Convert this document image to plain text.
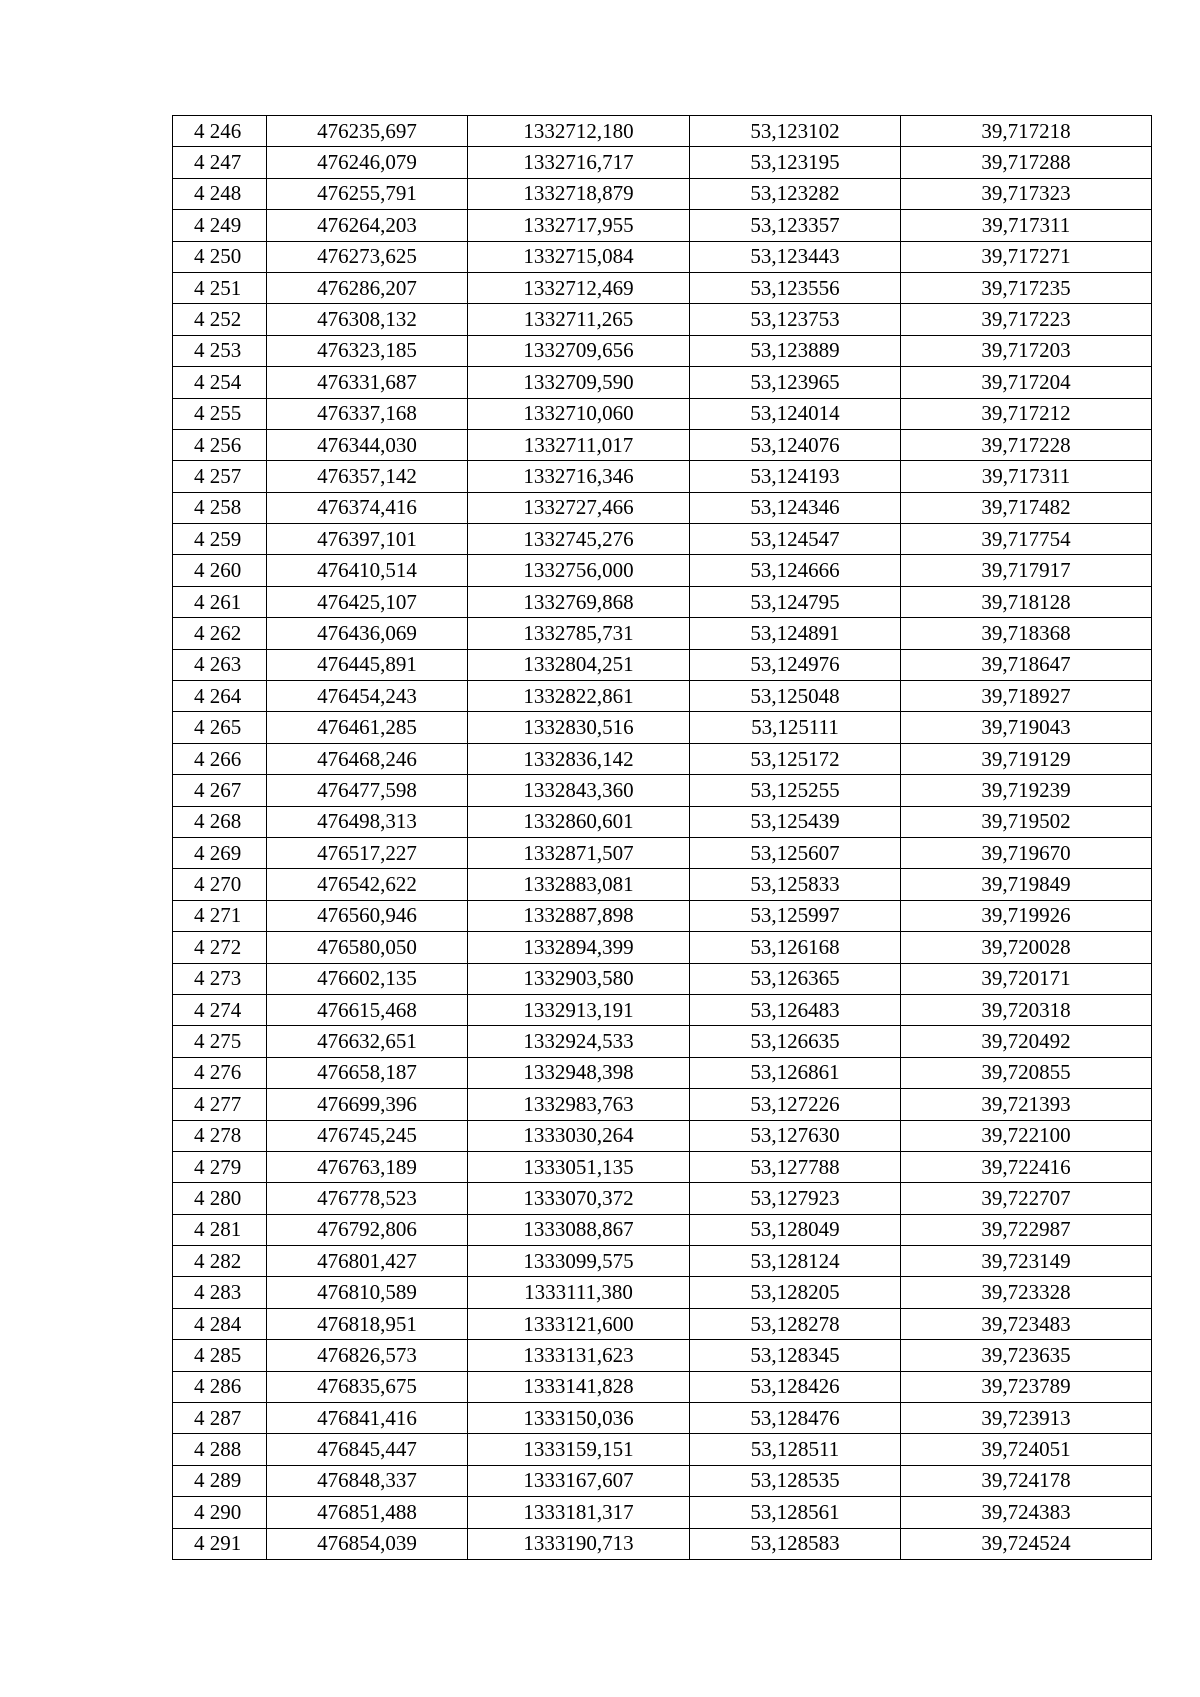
4 246	476235,697	1332712,180	53,123102	39,717218
4 247	476246,079	1332716,717	53,123195	39,717288
4 248	476255,791	1332718,879	53,123282	39,717323
4 249	476264,203	1332717,955	53,123357	39,717311
4 250	476273,625	1332715,084	53,123443	39,717271
4 251	476286,207	1332712,469	53,123556	39,717235
4 252	476308,132	1332711,265	53,123753	39,717223
4 253	476323,185	1332709,656	53,123889	39,717203
4 254	476331,687	1332709,590	53,123965	39,717204
4 255	476337,168	1332710,060	53,124014	39,717212
4 256	476344,030	1332711,017	53,124076	39,717228
4 257	476357,142	1332716,346	53,124193	39,717311
4 258	476374,416	1332727,466	53,124346	39,717482
4 259	476397,101	1332745,276	53,124547	39,717754
4 260	476410,514	1332756,000	53,124666	39,717917
4 261	476425,107	1332769,868	53,124795	39,718128
4 262	476436,069	1332785,731	53,124891	39,718368
4 263	476445,891	1332804,251	53,124976	39,718647
4 264	476454,243	1332822,861	53,125048	39,718927
4 265	476461,285	1332830,516	53,125111	39,719043
4 266	476468,246	1332836,142	53,125172	39,719129
4 267	476477,598	1332843,360	53,125255	39,719239
4 268	476498,313	1332860,601	53,125439	39,719502
4 269	476517,227	1332871,507	53,125607	39,719670
4 270	476542,622	1332883,081	53,125833	39,719849
4 271	476560,946	1332887,898	53,125997	39,719926
4 272	476580,050	1332894,399	53,126168	39,720028
4 273	476602,135	1332903,580	53,126365	39,720171
4 274	476615,468	1332913,191	53,126483	39,720318
4 275	476632,651	1332924,533	53,126635	39,720492
4 276	476658,187	1332948,398	53,126861	39,720855
4 277	476699,396	1332983,763	53,127226	39,721393
4 278	476745,245	1333030,264	53,127630	39,722100
4 279	476763,189	1333051,135	53,127788	39,722416
4 280	476778,523	1333070,372	53,127923	39,722707
4 281	476792,806	1333088,867	53,128049	39,722987
4 282	476801,427	1333099,575	53,128124	39,723149
4 283	476810,589	1333111,380	53,128205	39,723328
4 284	476818,951	1333121,600	53,128278	39,723483
4 285	476826,573	1333131,623	53,128345	39,723635
4 286	476835,675	1333141,828	53,128426	39,723789
4 287	476841,416	1333150,036	53,128476	39,723913
4 288	476845,447	1333159,151	53,128511	39,724051
4 289	476848,337	1333167,607	53,128535	39,724178
4 290	476851,488	1333181,317	53,128561	39,724383
4 291	476854,039	1333190,713	53,128583	39,724524
